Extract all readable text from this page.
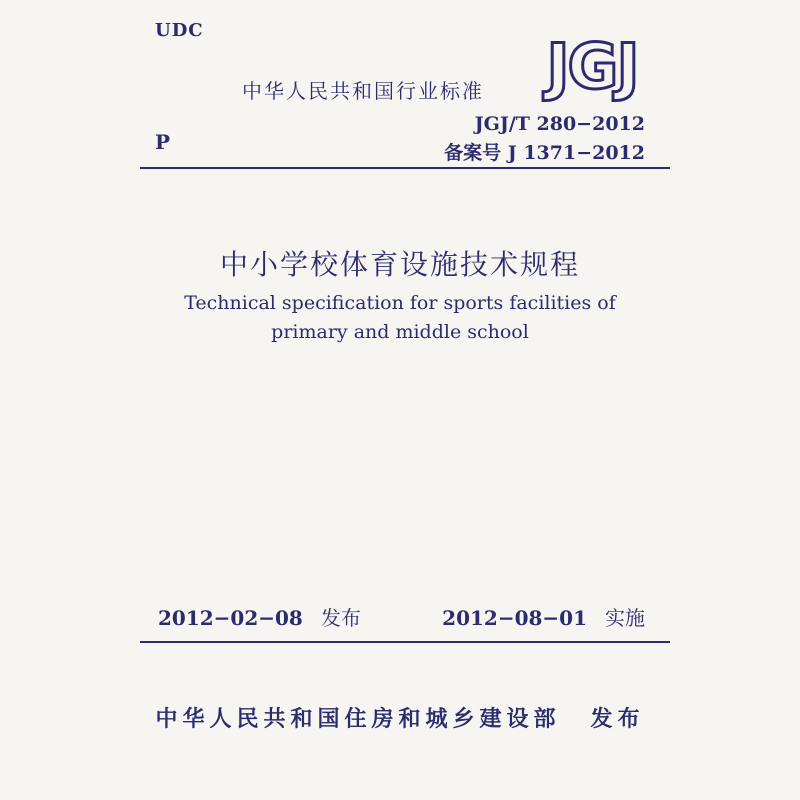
UDC
P
中华人民共和国行业标准 JGJ
JGJ/T 280−2012
备案号 J 1371−2012
中小学校体育设施技术规程
Technical specification for sports facilities of
primary and middle school
2012−02−08 发布	2012−08−01 实施
中华人民共和国住房和城乡建设部 发布
